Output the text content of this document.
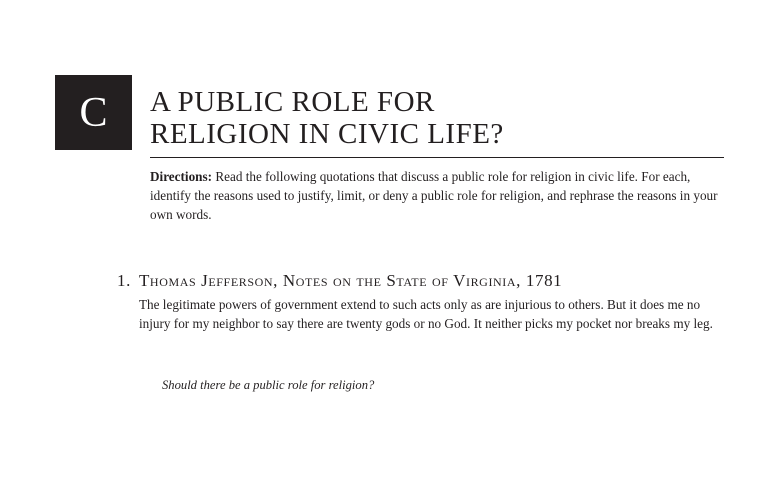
C A PUBLIC ROLE FOR
RELIGION IN CIVIC LIFE?

Directions: Read the following quotations that discuss a public role for religion in civic life. For each, identify the reasons used to justify, limit, or deny a public role for religion, and rephrase the reasons in your own words.

1. Thomas Jefferson, Notes on the State of Virginia, 1781

The legitimate powers of government extend to such acts only as are injurious to others. But it does me no injury for my neighbor to say there are twenty gods or no God. It neither picks my pocket nor breaks my leg.

Should there be a public role for religion?
